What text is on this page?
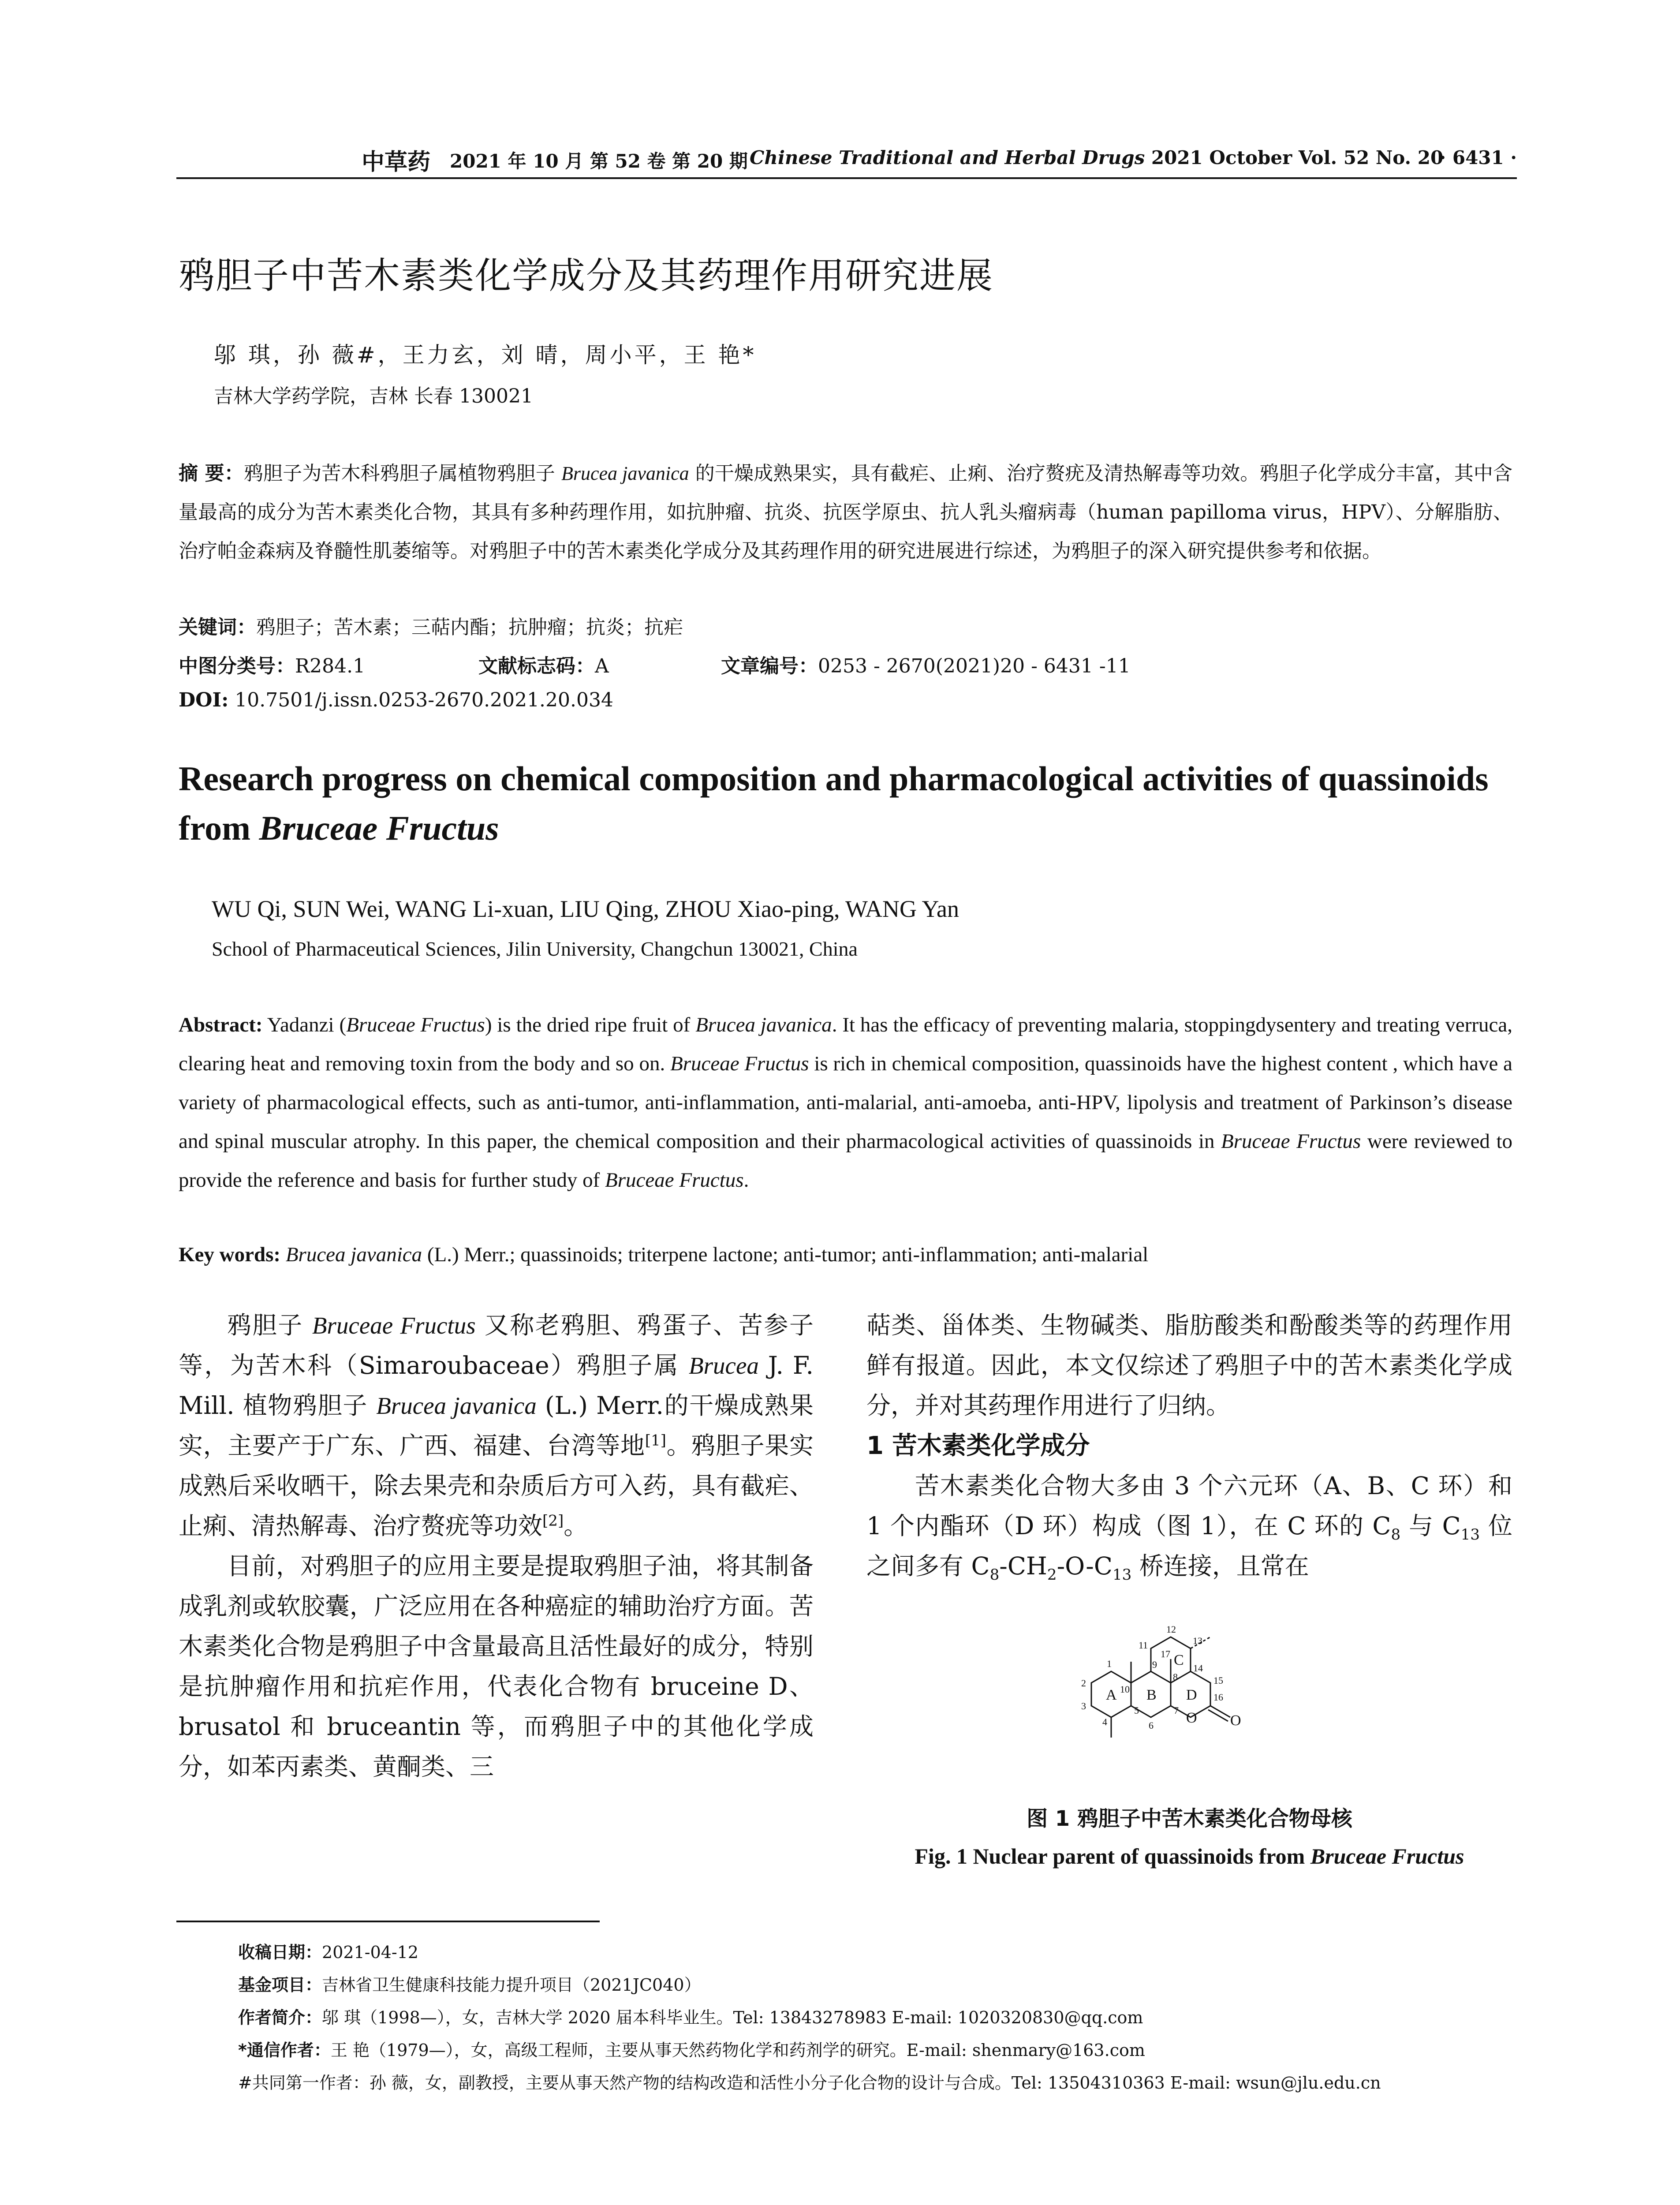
中草药 2021 年 10 月 第 52 卷 第 20 期 Chinese Traditional and Herbal Drugs 2021 October Vol. 52 No. 20
· 6431 ·
鸦胆子中苦木素类化学成分及其药理作用研究进展
邬 琪，孙 薇#，王力玄，刘 晴，周小平，王 艳*
吉林大学药学院，吉林 长春 130021
摘 要：鸦胆子为苦木科鸦胆子属植物鸦胆子 Brucea javanica 的干燥成熟果实，具有截疟、止痢、治疗赘疣及清热解毒等功效。鸦胆子化学成分丰富，其中含量最高的成分为苦木素类化合物，其具有多种药理作用，如抗肿瘤、抗炎、抗医学原虫、抗人乳头瘤病毒（human papilloma virus，HPV）、分解脂肪、治疗帕金森病及脊髓性肌萎缩等。对鸦胆子中的苦木素类化学成分及其药理作用的研究进展进行综述，为鸦胆子的深入研究提供参考和依据。
关键词：鸦胆子；苦木素；三萜内酯；抗肿瘤；抗炎；抗疟
中图分类号：R284.1	文献标志码：A	文章编号：0253 - 2670(2021)20 - 6431 -11
DOI: 10.7501/j.issn.0253-2670.2021.20.034
Research progress on chemical composition and pharmacological activities of quassinoids from Bruceae Fructus
WU Qi, SUN Wei, WANG Li-xuan, LIU Qing, ZHOU Xiao-ping, WANG Yan
School of Pharmaceutical Sciences, Jilin University, Changchun 130021, China
Abstract: Yadanzi (Bruceae Fructus) is the dried ripe fruit of Brucea javanica. It has the efficacy of preventing malaria, stoppingdysentery and treating verruca, clearing heat and removing toxin from the body and so on. Bruceae Fructus is rich in chemical composition, quassinoids have the highest content , which have a variety of pharmacological effects, such as anti-tumor, anti-inflammation, anti-malarial, anti-amoeba, anti-HPV, lipolysis and treatment of Parkinson’s disease and spinal muscular atrophy. In this paper, the chemical composition and their pharmacological activities of quassinoids in Bruceae Fructus were reviewed to provide the reference and basis for further study of Bruceae Fructus.
Key words: Brucea javanica (L.) Merr.; quassinoids; triterpene lactone; anti-tumor; anti-inflammation; anti-malarial

鸦胆子 Bruceae Fructus 又称老鸦胆、鸦蛋子、苦参子等，为苦木科（Simaroubaceae）鸦胆子属 Brucea J. F. Mill. 植物鸦胆子 Brucea javanica (L.) Merr.的干燥成熟果实，主要产于广东、广西、福建、台湾等地[1]。鸦胆子果实成熟后采收晒干，除去果壳和杂质后方可入药，具有截疟、止痢、清热解毒、治疗赘疣等功效[2]。

目前，对鸦胆子的应用主要是提取鸦胆子油，将其制备成乳剂或软胶囊，广泛应用在各种癌症的辅助治疗方面。苦木素类化合物是鸦胆子中含量最高且活性最好的成分，特别是抗肿瘤作用和抗疟作用，代表化合物有 bruceine D、brusatol 和 bruceantin 等，而鸦胆子中的其他化学成分，如苯丙素类、黄酮类、三

萜类、甾体类、生物碱类、脂肪酸类和酚酸类等的药理作用鲜有报道。因此，本文仅综述了鸦胆子中的苦木素类化学成分，并对其药理作用进行了归纳。

1 苦木素类化学成分

苦木素类化合物大多由 3 个六元环（A、B、C 环）和 1 个内酯环（D 环）构成（图 1），在 C 环的 $C_8$ 与 $C_{13}$ 位之间多有 $C_8-CH_2-O-C_{13}$ 桥连接，且常在

1
2
3
4
5
6
7
8
9
10
11
12
13
14
15
16
17
A B
C
D
O O
图 1 鸦胆子中苦木素类化合物母核
Fig. 1 Nuclear parent of quassinoids from Bruceae Fructus
收稿日期：2021-04-12
基金项目：吉林省卫生健康科技能力提升项目（2021JC040）
作者简介：邬 琪（1998—），女，吉林大学 2020 届本科毕业生。Tel: 13843278983 E-mail: 1020320830@qq.com
*通信作者：王 艳（1979—），女，高级工程师，主要从事天然药物化学和药剂学的研究。E-mail: shenmary@163.com
#共同第一作者：孙 薇，女，副教授，主要从事天然产物的结构改造和活性小分子化合物的设计与合成。Tel: 13504310363 E-mail: wsun@jlu.edu.cn
